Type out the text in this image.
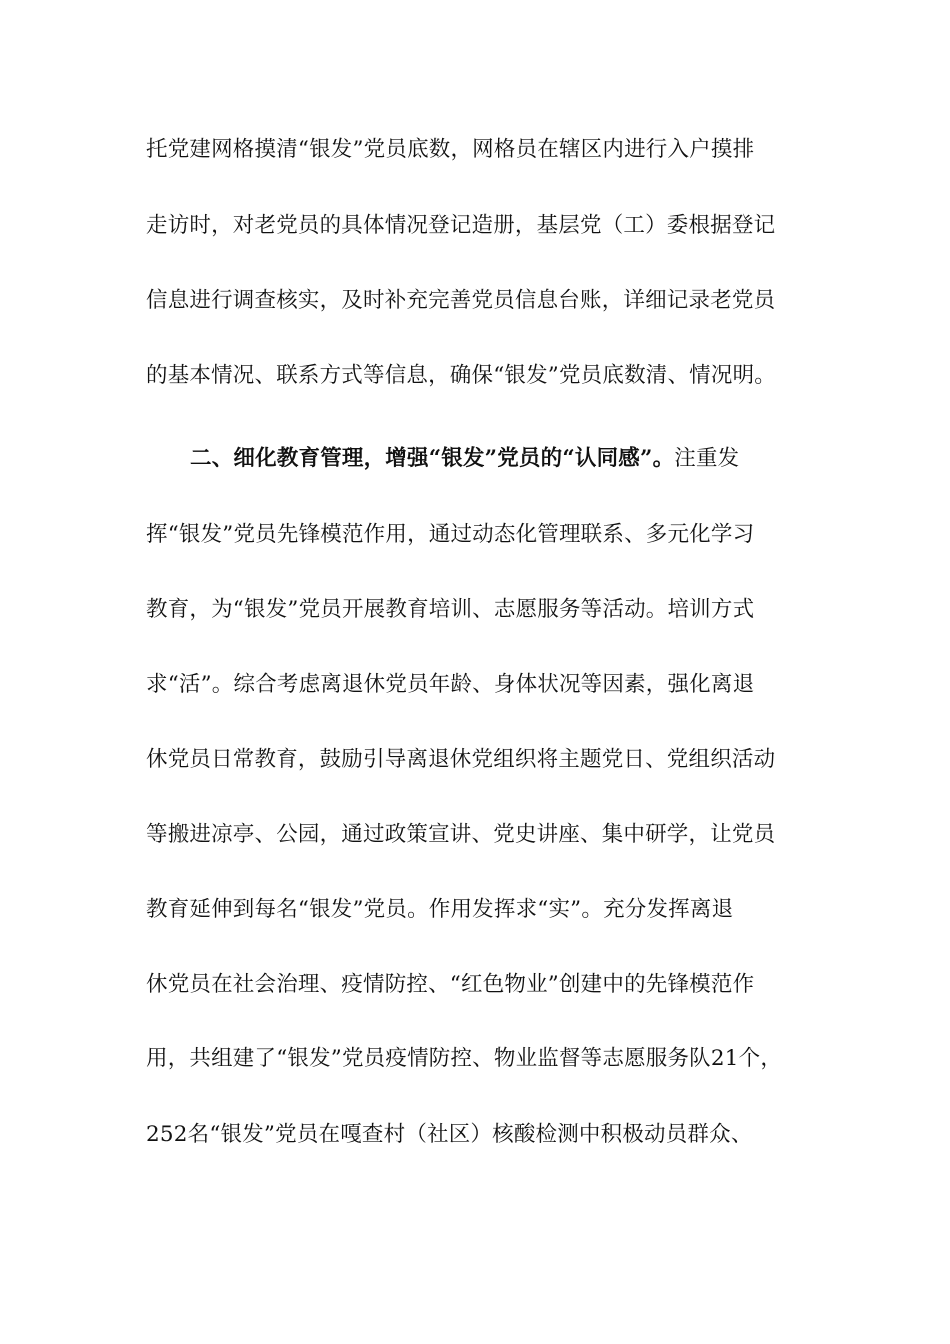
托党建网格摸清“银发”党员底数，网格员在辖区内进行入户摸排
走访时，对老党员的具体情况登记造册，基层党（工）委根据登记
信息进行调查核实，及时补充完善党员信息台账，详细记录老党员
的基本情况、联系方式等信息，确保“银发”党员底数清、情况明。
二、细化教育管理，增强“银发”党员的“认同感”。注重发
挥“银发”党员先锋模范作用，通过动态化管理联系、多元化学习
教育，为“银发”党员开展教育培训、志愿服务等活动。培训方式
求“活”。综合考虑离退休党员年龄、身体状况等因素，强化离退
休党员日常教育，鼓励引导离退休党组织将主题党日、党组织活动
等搬进凉亭、公园，通过政策宣讲、党史讲座、集中研学，让党员
教育延伸到每名“银发”党员。作用发挥求“实”。充分发挥离退
休党员在社会治理、疫情防控、“红色物业”创建中的先锋模范作
用，共组建了“银发”党员疫情防控、物业监督等志愿服务队21个，
252名“银发”党员在嘎查村（社区）核酸检测中积极动员群众、
